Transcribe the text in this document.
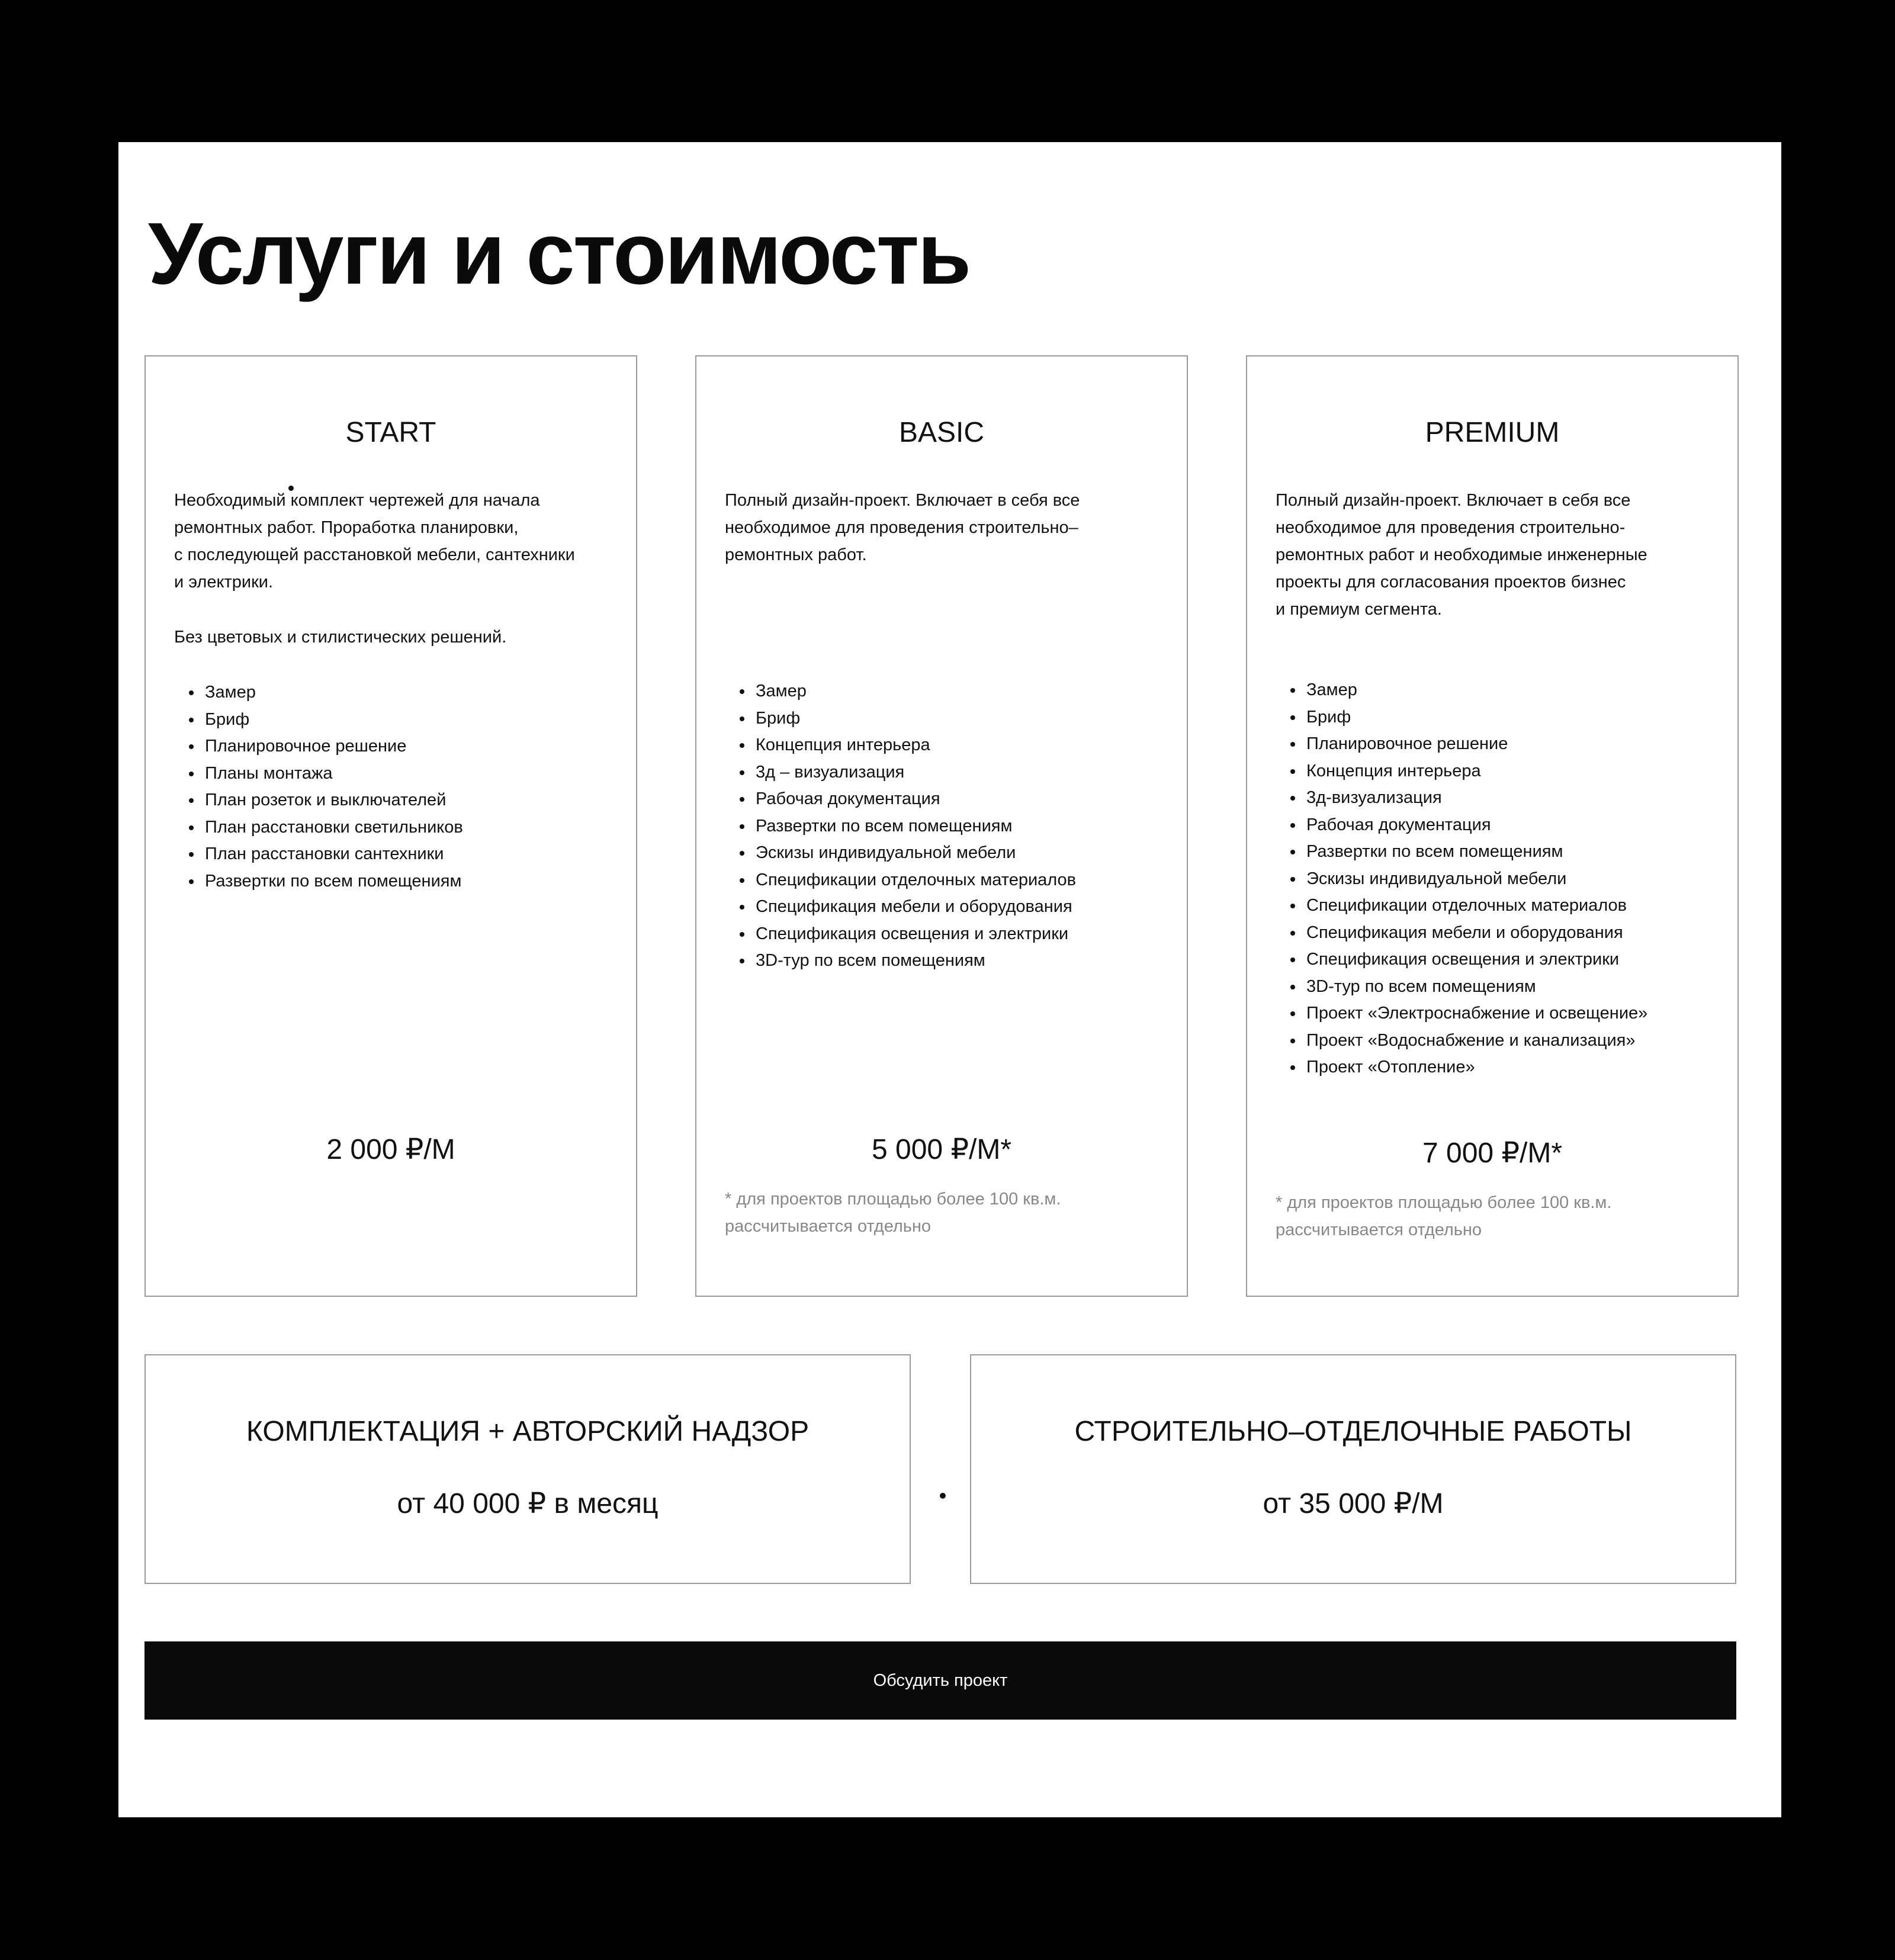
Услуги и стоимость
START

Необходимый комплект чертежей для начала
ремонтных работ. Проработка планировки,
с последующей расстановкой мебели, сантехники
и электрики.

Без цветовых и стилистических решений.

• Замер
• Бриф
• Планировочное решение
• Планы монтажа
• План розеток и выключателей
• План расстановки светильников
• План расстановки сантехники
• Развертки по всем помещениям
2 000 ₽/М
BASIC

Полный дизайн-проект. Включает в себя все
необходимое для проведения строительно–
ремонтных работ.

• Замер
• Бриф
• Концепция интерьера
• 3д – визуализация
• Рабочая документация
• Развертки по всем помещениям
• Эскизы индивидуальной мебели
• Спецификации отделочных материалов
• Спецификация мебели и оборудования
• Спецификация освещения и электрики
• 3D-тур по всем помещениям
5 000 ₽/М*
* для проектов площадью более 100 кв.м.
рассчитывается отдельно
PREMIUM

Полный дизайн-проект. Включает в себя все
необходимое для проведения строительно-
ремонтных работ и необходимые инженерные
проекты для согласования проектов бизнес
и премиум сегмента.

• Замер
• Бриф
• Планировочное решение
• Концепция интерьера
• 3д-визуализация
• Рабочая документация
• Развертки по всем помещениям
• Эскизы индивидуальной мебели
• Спецификации отделочных материалов
• Спецификация мебели и оборудования
• Спецификация освещения и электрики
• 3D-тур по всем помещениям
• Проект «Электроснабжение и освещение»
• Проект «Водоснабжение и канализация»
• Проект «Отопление»
7 000 ₽/М*
* для проектов площадью более 100 кв.м.
рассчитывается отдельно
КОМПЛЕКТАЦИЯ + АВТОРСКИЙ НАДЗОР
от 40 000 ₽ в месяц
СТРОИТЕЛЬНО–ОТДЕЛОЧНЫЕ РАБОТЫ
от 35 000 ₽/М
Обсудить проект
